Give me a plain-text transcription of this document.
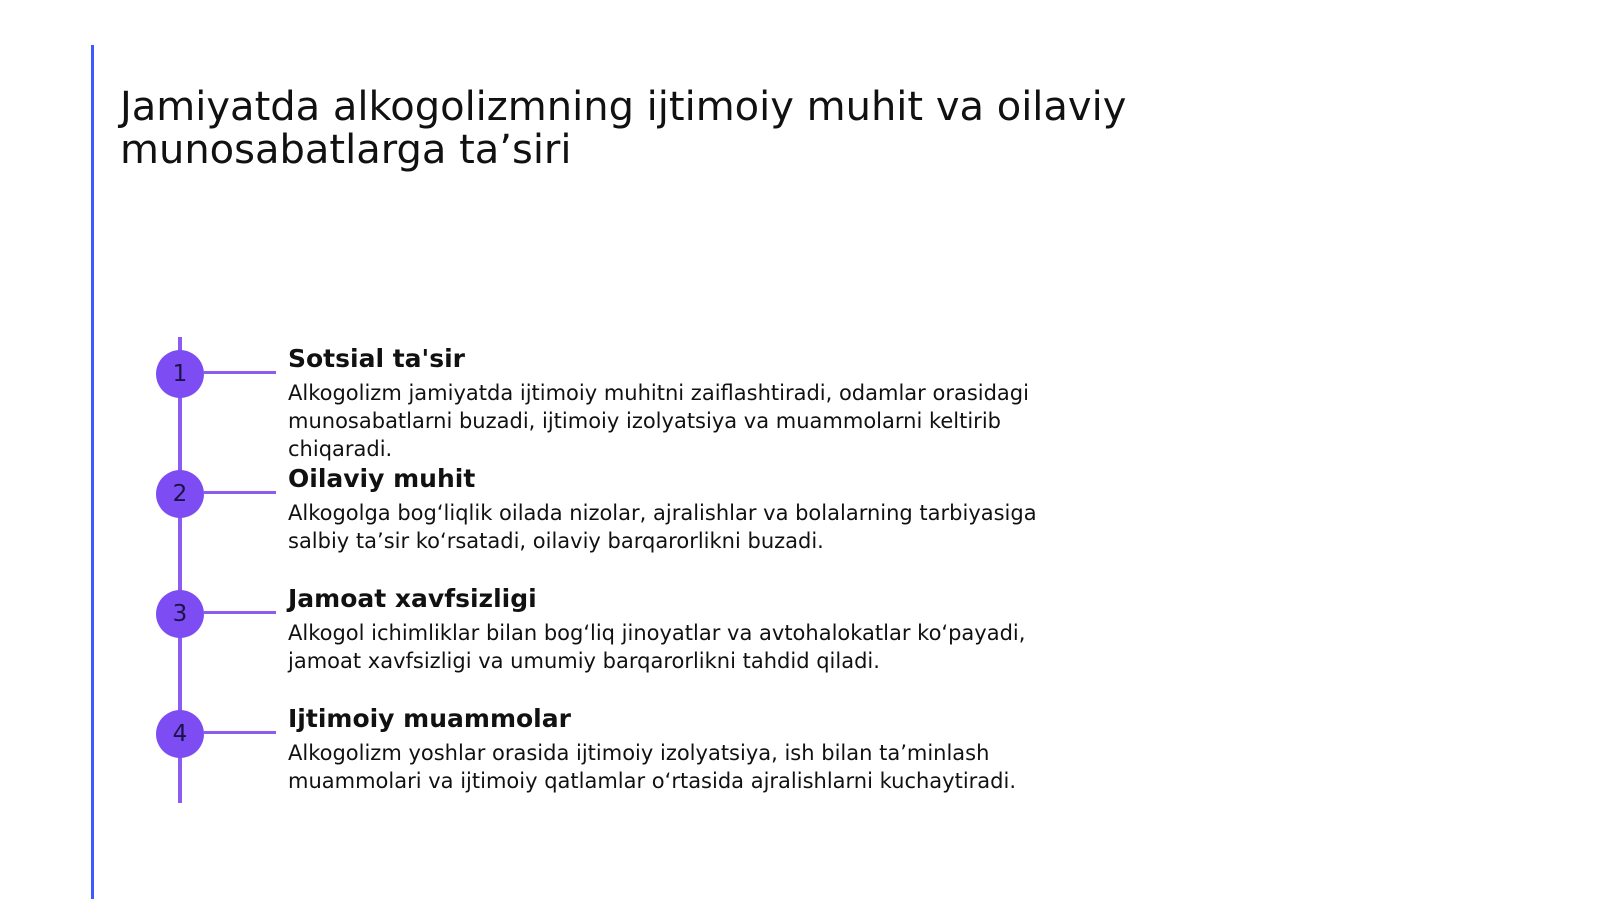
Jamiyatda alkogolizmning ijtimoiy muhit va oilaviy munosabatlarga ta’siri
1
Sotsial ta'sir

Alkogolizm jamiyatda ijtimoiy muhitni zaiflashtiradi, odamlar orasidagi munosabatlarni buzadi, ijtimoiy izolyatsiya va muammolarni keltirib chiqaradi.

2
Oilaviy muhit

Alkogolga bog‘liqlik oilada nizolar, ajralishlar va bolalarning tarbiyasiga salbiy ta’sir ko‘rsatadi, oilaviy barqarorlikni buzadi.

3
Jamoat xavfsizligi

Alkogol ichimliklar bilan bog‘liq jinoyatlar va avtohalokatlar ko‘payadi, jamoat xavfsizligi va umumiy barqarorlikni tahdid qiladi.

4
Ijtimoiy muammolar

Alkogolizm yoshlar orasida ijtimoiy izolyatsiya, ish bilan ta’minlash muammolari va ijtimoiy qatlamlar o‘rtasida ajralishlarni kuchaytiradi.
